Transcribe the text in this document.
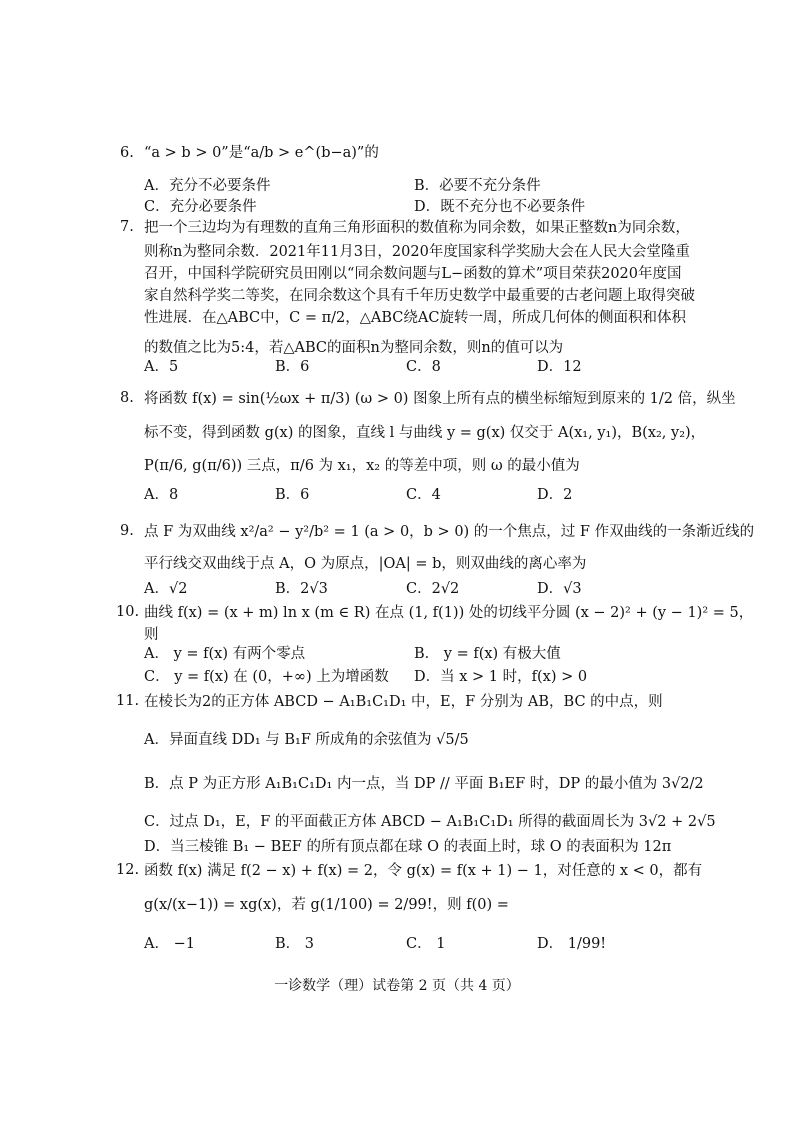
6. “a > b > 0”是“a/b > e^(b−a)”的
A．充分不必要条件	B．必要不充分条件
C．充分必要条件	D．既不充分也不必要条件
7. 把一个三边均为有理数的直角三角形面积的数值称为同余数，如果正整数n为同余数，
则称n为整同余数．2021年11月3日，2020年度国家科学奖励大会在人民大会堂隆重
召开，中国科学院研究员田刚以“同余数问题与L−函数的算术”项目荣获2020年度国
家自然科学奖二等奖，在同余数这个具有千年历史数学中最重要的古老问题上取得突破
性进展．在△ABC中，C = π/2，△ABC绕AC旋转一周，所成几何体的侧面积和体积
的数值之比为5:4，若△ABC的面积n为整同余数，则n的值可以为
A．5	B．6	C．8	D．12
8. 将函数 f(x) = sin(½ωx + π/3) (ω > 0) 图象上所有点的横坐标缩短到原来的 1/2 倍，纵坐
标不变，得到函数 g(x) 的图象，直线 l 与曲线 y = g(x) 仅交于 A(x₁, y₁)，B(x₂, y₂)，
P(π/6, g(π/6)) 三点，π/6 为 x₁，x₂ 的等差中项，则 ω 的最小值为
A．8	B．6	C．4	D．2
9. 点 F 为双曲线 x²/a² − y²/b² = 1 (a > 0，b > 0) 的一个焦点，过 F 作双曲线的一条渐近线的
平行线交双曲线于点 A，O 为原点，|OA| = b，则双曲线的离心率为
A．√2	B．2√3	C．2√2	D．√3
10. 曲线 f(x) = (x + m) ln x (m ∈ R) 在点 (1, f(1)) 处的切线平分圆 (x − 2)² + (y − 1)² = 5，
则
A． y = f(x) 有两个零点	B． y = f(x) 有极大值
C． y = f(x) 在 (0，+∞) 上为增函数	D．当 x > 1 时，f(x) > 0
11. 在棱长为2的正方体 ABCD − A₁B₁C₁D₁ 中，E，F 分别为 AB，BC 的中点，则
A．异面直线 DD₁ 与 B₁F 所成角的余弦值为 √5/5
B．点 P 为正方形 A₁B₁C₁D₁ 内一点，当 DP // 平面 B₁EF 时，DP 的最小值为 3√2/2
C．过点 D₁，E，F 的平面截正方体 ABCD − A₁B₁C₁D₁ 所得的截面周长为 3√2 + 2√5
D．当三棱锥 B₁ − BEF 的所有顶点都在球 O 的表面上时，球 O 的表面积为 12π
12. 函数 f(x) 满足 f(2 − x) + f(x) = 2，令 g(x) = f(x + 1) − 1，对任意的 x < 0，都有
g(x/(x−1)) = xg(x)，若 g(1/100) = 2/99!，则 f(0) =
A． −1	B． 3	C． 1	D． 1/99!
一诊数学（理）试卷第 2 页（共 4 页）
